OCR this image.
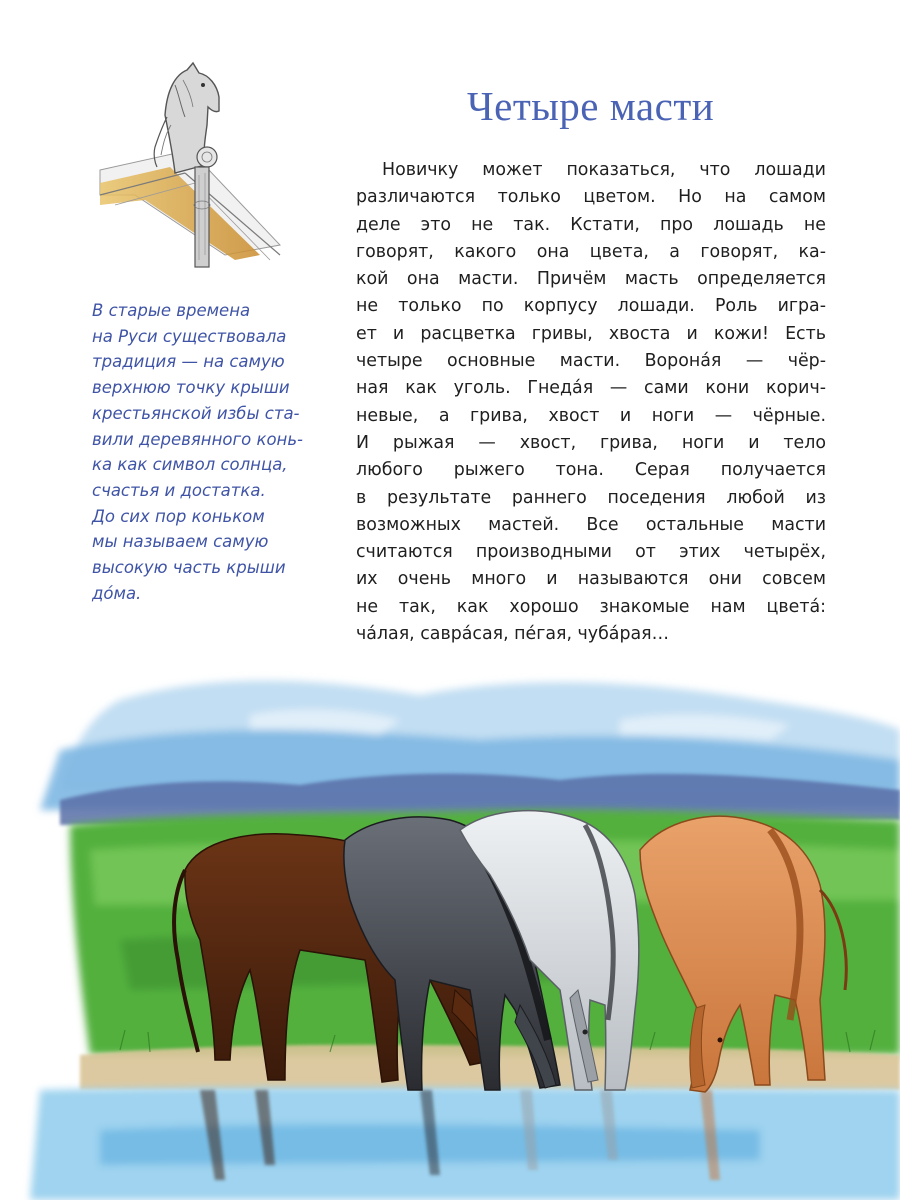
В старые времена
на Руси существовала
традиция — на самую
верхнюю точку крыши
крестьянской избы ста-
вили деревянного конь-
ка как символ солнца,
счастья и достатка.
До сих пор коньком
мы называем самую
высокую часть крыши
дóма.

Четыре масти
Новичку может показаться, что лошади
различаются только цветом. Но на самом
деле это не так. Кстати, про лошадь не
говорят, какого она цвета, а говорят, ка-
кой она масти. Причём масть определяется
не только по корпусу лошади. Роль игра-
ет и расцветка гривы, хвоста и кожи! Есть
четыре основные масти. Воронáя — чёр-
ная как уголь. Гнедáя — сами кони корич-
невые, а грива, хвост и ноги — чёрные.
И рыжая — хвост, грива, ноги и тело
любого рыжего тона. Серая получается
в результате раннего поседения любой из
возможных мастей. Все остальные масти
считаются производными от этих четырёх,
их очень много и называются они совсем
не так, как хорошо знакомые нам цветá:
чáлая, саврáсая, пéгая, чубáрая…
